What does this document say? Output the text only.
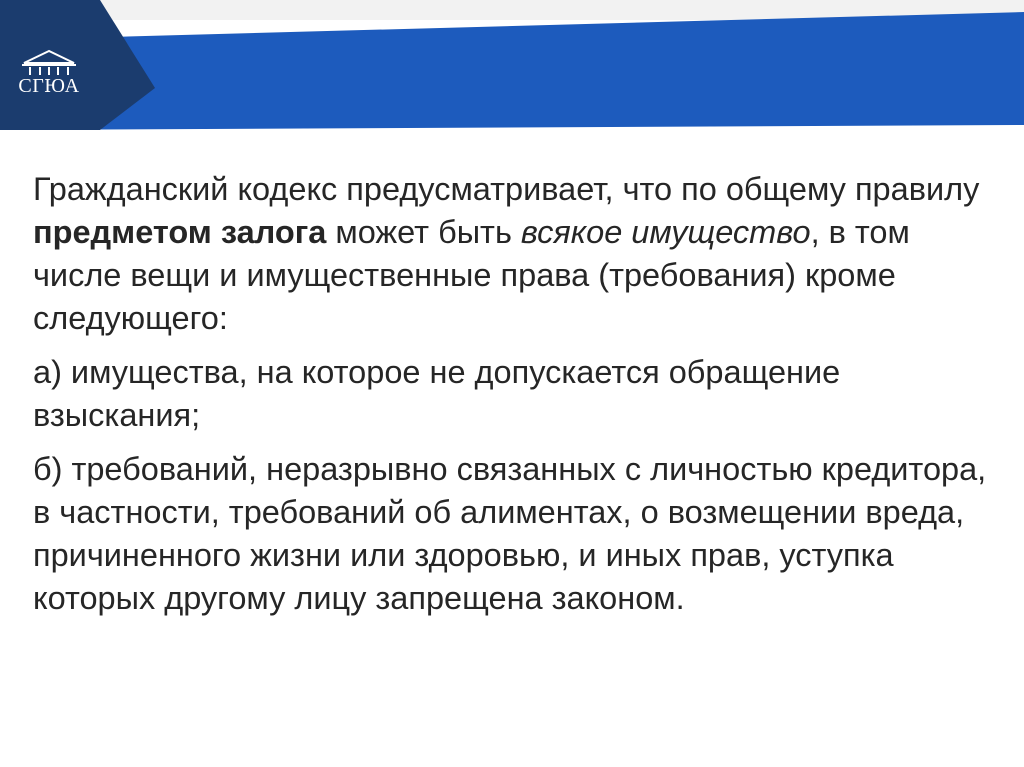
СГЮА

Гражданский кодекс предусматривает, что по общему правилу предметом залога может быть всякое имущество, в том числе вещи и имущественные права (требования) кроме следующего:

а) имущества, на которое не допускается обращение взыскания;

б) требований, неразрывно связанных с личностью кредитора, в частности, требований об алиментах, о возмещении вреда, причиненного жизни или здоровью, и иных прав, уступка которых другому лицу запрещена законом.
